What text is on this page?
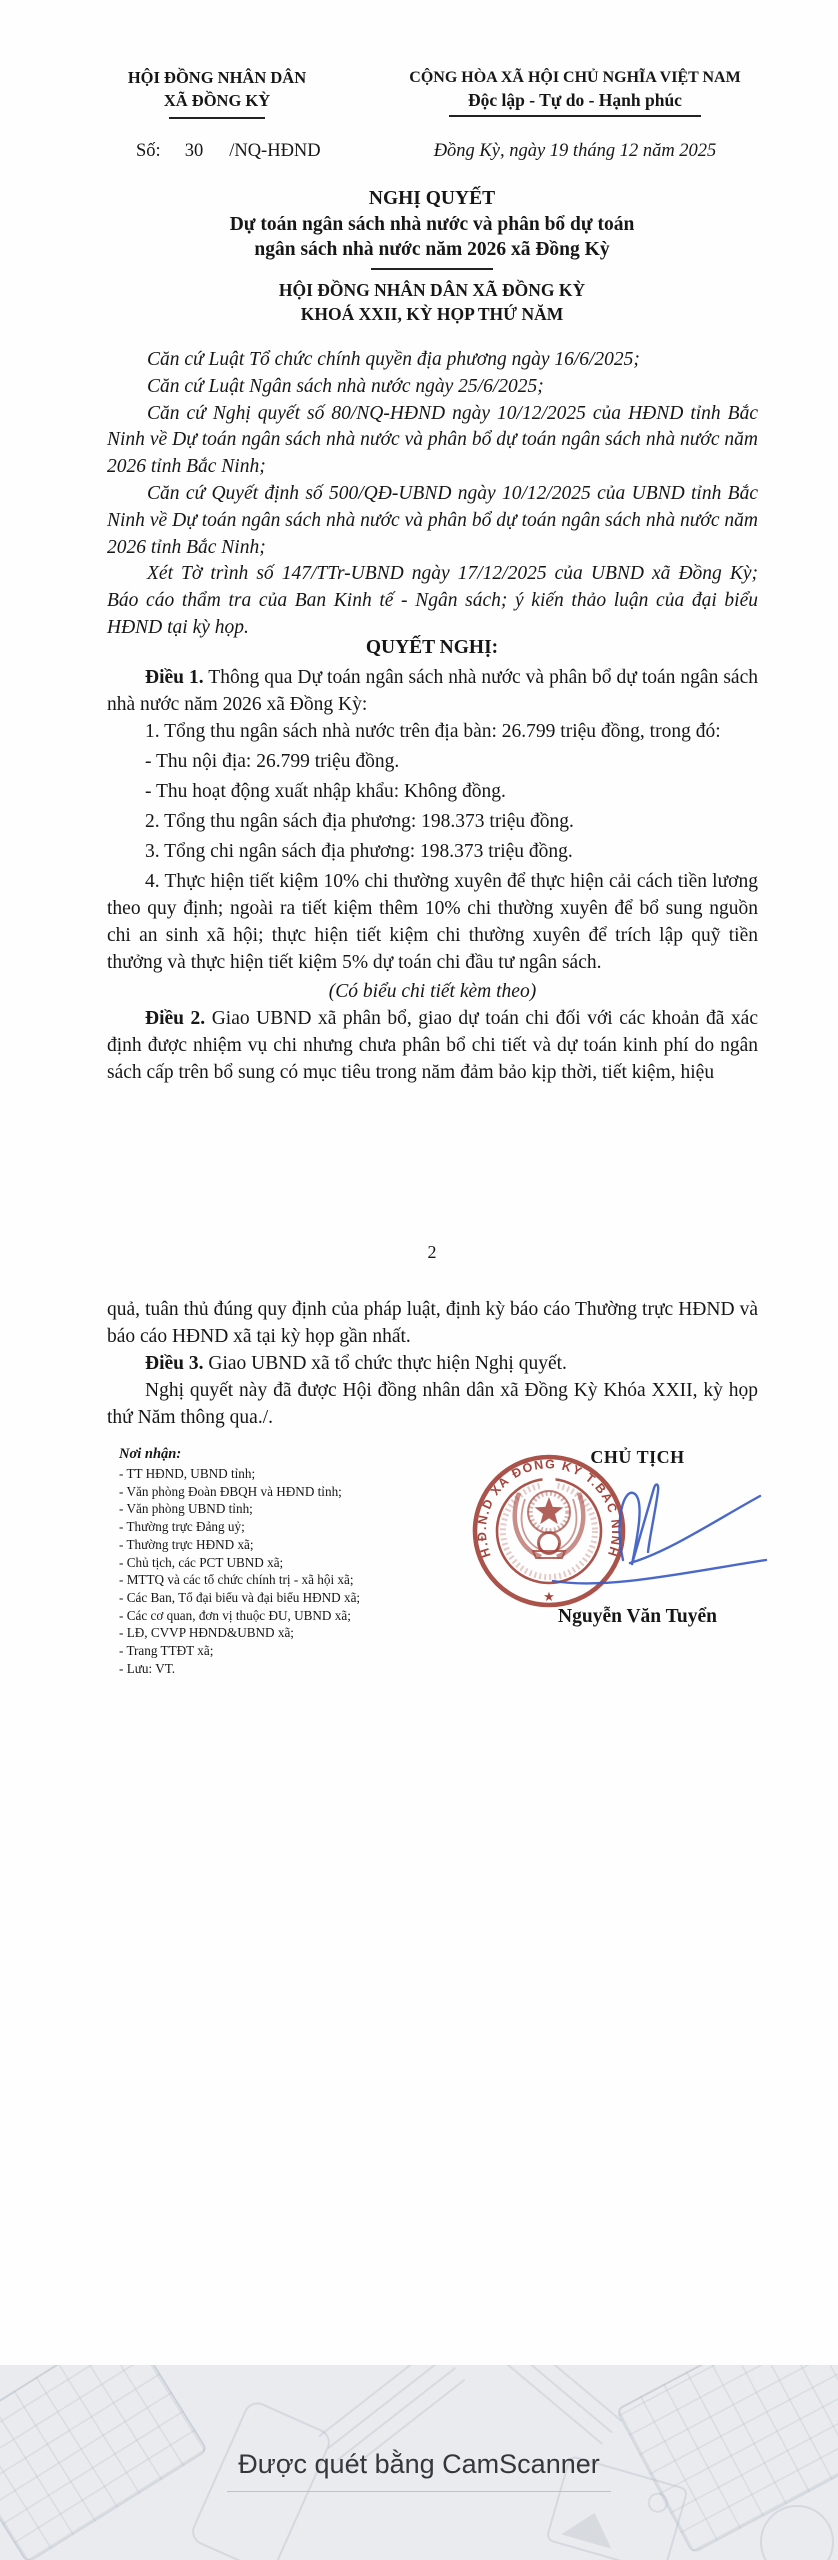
HỘI ĐỒNG NHÂN DÂN
XÃ ĐỒNG KỲ
CỘNG HÒA XÃ HỘI CHỦ NGHĨA VIỆT NAM
Độc lập - Tự do - Hạnh phúc
Số: 30 /NQ-HĐND	Đồng Kỳ, ngày 19 tháng 12 năm 2025
NGHỊ QUYẾT
Dự toán ngân sách nhà nước và phân bổ dự toán
ngân sách nhà nước năm 2026 xã Đồng Kỳ
HỘI ĐỒNG NHÂN DÂN XÃ ĐỒNG KỲ
KHOÁ XXII, KỲ HỌP THỨ NĂM

Căn cứ Luật Tổ chức chính quyền địa phương ngày 16/6/2025;

Căn cứ Luật Ngân sách nhà nước ngày 25/6/2025;

Căn cứ Nghị quyết số 80/NQ-HĐND ngày 10/12/2025 của HĐND tỉnh Bắc Ninh về Dự toán ngân sách nhà nước và phân bổ dự toán ngân sách nhà nước năm 2026 tỉnh Bắc Ninh;

Căn cứ Quyết định số 500/QĐ-UBND ngày 10/12/2025 của UBND tỉnh Bắc Ninh về Dự toán ngân sách nhà nước và phân bổ dự toán ngân sách nhà nước năm 2026 tỉnh Bắc Ninh;

Xét Tờ trình số 147/TTr-UBND ngày 17/12/2025 của UBND xã Đồng Kỳ; Báo cáo thẩm tra của Ban Kinh tế - Ngân sách; ý kiến thảo luận của đại biểu HĐND tại kỳ họp.

QUYẾT NGHỊ:

Điều 1. Thông qua Dự toán ngân sách nhà nước và phân bổ dự toán ngân sách nhà nước năm 2026 xã Đồng Kỳ:

1. Tổng thu ngân sách nhà nước trên địa bàn: 26.799 triệu đồng, trong đó:

- Thu nội địa: 26.799 triệu đồng.

- Thu hoạt động xuất nhập khẩu: Không đồng.

2. Tổng thu ngân sách địa phương: 198.373 triệu đồng.

3. Tổng chi ngân sách địa phương: 198.373 triệu đồng.

4. Thực hiện tiết kiệm 10% chi thường xuyên để thực hiện cải cách tiền lương theo quy định; ngoài ra tiết kiệm thêm 10% chi thường xuyên để bổ sung nguồn chi an sinh xã hội; thực hiện tiết kiệm chi thường xuyên để trích lập quỹ tiền thưởng và thực hiện tiết kiệm 5% dự toán chi đầu tư ngân sách.

(Có biểu chi tiết kèm theo)

Điều 2. Giao UBND xã phân bổ, giao dự toán chi đối với các khoản đã xác định được nhiệm vụ chi nhưng chưa phân bổ chi tiết và dự toán kinh phí do ngân sách cấp trên bổ sung có mục tiêu trong năm đảm bảo kịp thời, tiết kiệm, hiệu

2

quả, tuân thủ đúng quy định của pháp luật, định kỳ báo cáo Thường trực HĐND và báo cáo HĐND xã tại kỳ họp gần nhất.

Điều 3. Giao UBND xã tổ chức thực hiện Nghị quyết.

Nghị quyết này đã được Hội đồng nhân dân xã Đồng Kỳ Khóa XXII, kỳ họp thứ Năm thông qua./.

Nơi nhận:

- TT HĐND, UBND tỉnh;
- Văn phòng Đoàn ĐBQH và HĐND tỉnh;
- Văn phòng UBND tỉnh;
- Thường trực Đảng uỷ;
- Thường trực HĐND xã;
- Chủ tịch, các PCT UBND xã;
- MTTQ và các tổ chức chính trị - xã hội xã;
- Các Ban, Tổ đại biểu và đại biểu HĐND xã;
- Các cơ quan, đơn vị thuộc ĐU, UBND xã;
- LĐ, CVVP HĐND&UBND xã;
- Trang TTĐT xã;
- Lưu: VT.
CHỦ TỊCH
H.Đ.N.D XÃ ĐỒNG KỲ T.BẮC NINH
★
Nguyễn Văn Tuyển
Được quét bằng CamScanner
